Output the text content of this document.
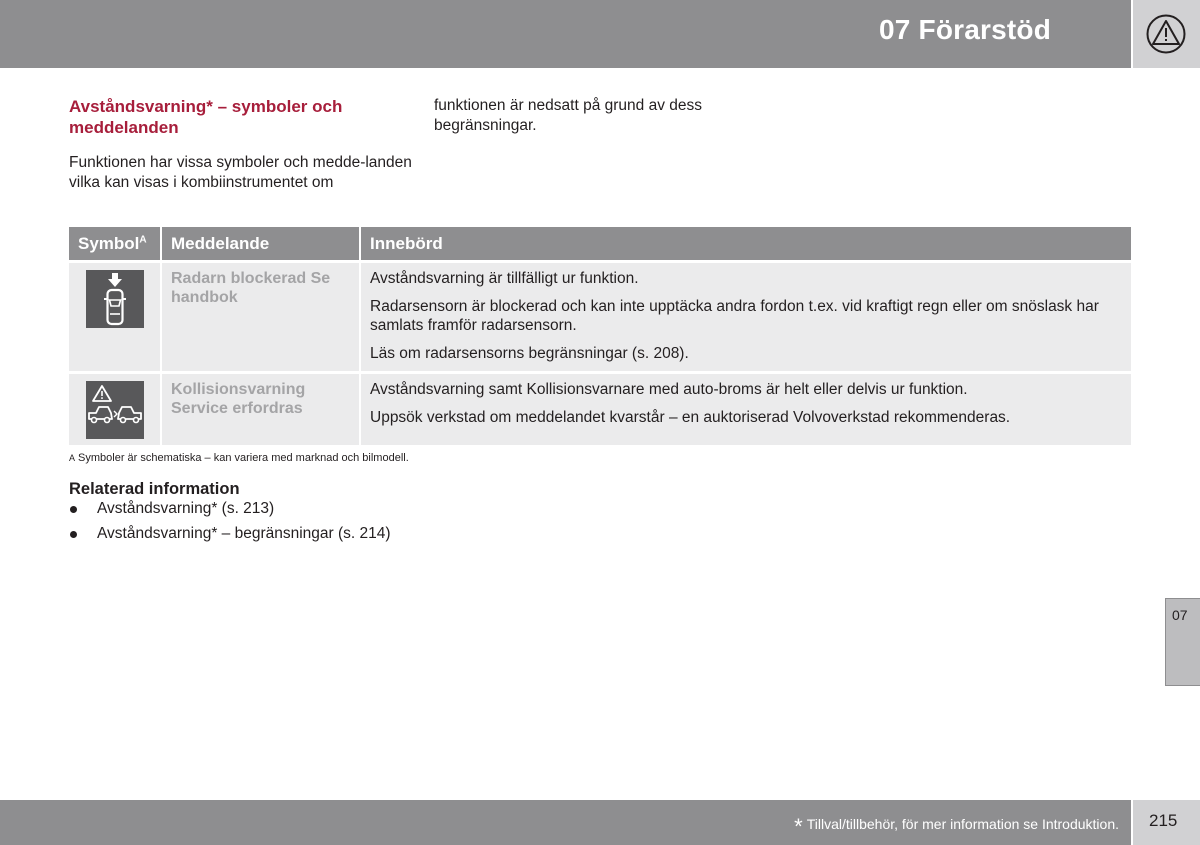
07 Förarstöd
Avståndsvarning* – symboler och meddelanden
Funktionen har vissa symboler och medde-landen vilka kan visas i kombiinstrumentet om
funktionen är nedsatt på grund av dess begränsningar.
Symbol$^A$	Meddelande	Innebörd

	Radarn blockerad Se handbok	Avståndsvarning är tillfälligt ur funktion.

Radarsensorn är blockerad och kan inte upptäcka andra fordon t.ex. vid kraftigt regn eller om snöslask har samlats framför radarsensorn.

Läs om radarsensorns begränsningar (s. 208).

	Kollisionsvarning Service erfordras	Avståndsvarning samt Kollisionsvarnare med auto-broms är helt eller delvis ur funktion.

Uppsök verkstad om meddelandet kvarstår – en auktoriserad Volvoverkstad rekommenderas.

A Symboler är schematiska – kan variera med marknad och bilmodell.
Relaterad information
Avståndsvarning* (s. 213)
Avståndsvarning* – begränsningar (s. 214)
07
* Tillval/tillbehör, för mer information se Introduktion. 215
